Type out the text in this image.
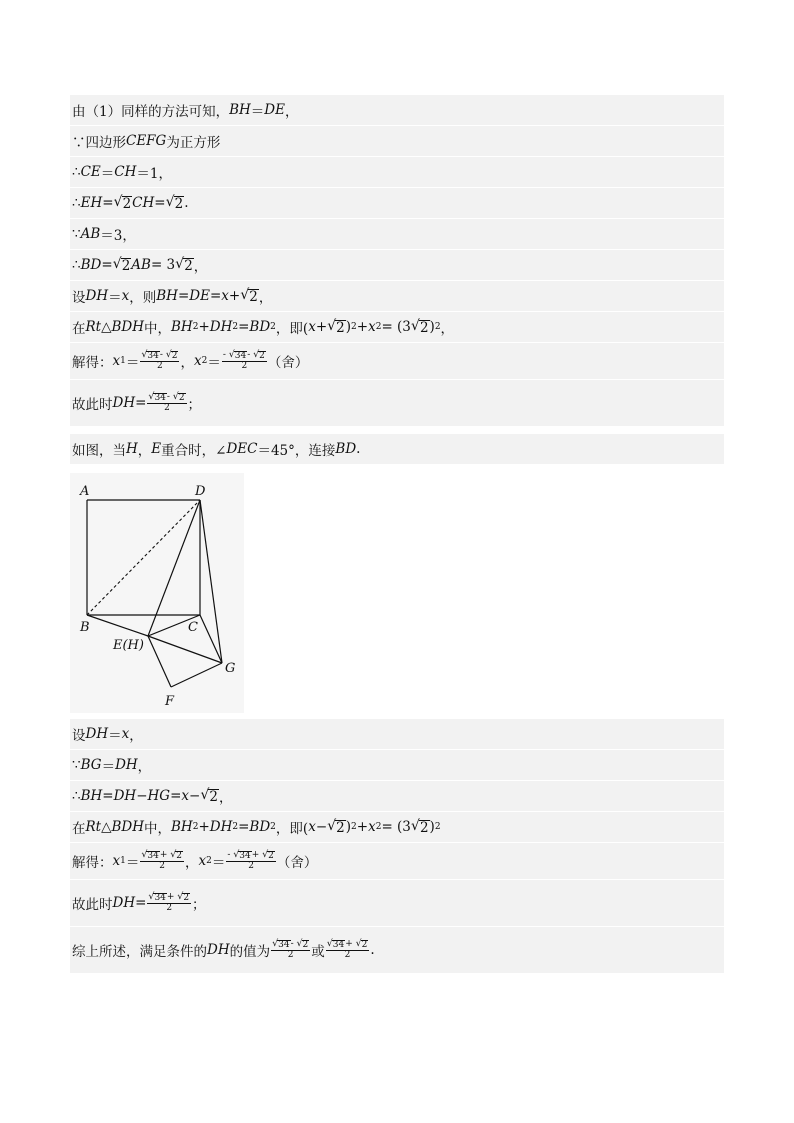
由（1）同样的方法可知， BH ＝ DE ，
∵四边形 CEFG 为正方形
∴ CE ＝ CH ＝1，
∴ EH = √ 2 CH = √ 2 .
∵ AB ＝3，
∴ BD = √ 2 AB = 3 √ 2 ，
设 DH ＝ x ，则 BH = DE = x + √ 2 ，
在 Rt △ BDH 中， BH 2 + DH 2 = BD 2 ，即( x + √ 2 ) 2 + x 2 = (3 √ 2 ) 2 ，
解得： x $1 = \frac{√ 34 - √ 2}{2}$ ， x $2 = \frac{- √ 34 - √ 2}{2}$ （舍）
故此时 DH = $\frac{√ 34 - √ 2}{2}$ ；
如图，当 H ， E 重合时，∠ DEC ＝45°，连接 BD .
A	D
B	C
E(H)
G
F
设 DH ＝ x ，
∵ BG ＝ DH ，
∴ BH = DH − HG = x − √ 2 ，
在 Rt △ BDH 中， BH 2 + DH 2 = BD 2 ，即( x − √ 2 ) 2 + x 2 = (3 √ 2 ) 2
解得： x $1 = \frac{√ 34 + √ 2}{2}$ ， x $2 = \frac{- √ 34 + √ 2}{2}$ （舍）
故此时 DH = $\frac{√ 34 + √ 2}{2}$ ；
综上所述，满足条件的 DH 的值为 $\frac{√ 34 - √ 2}{2}$ 或 $\frac{√ 34 + √ 2}{2}$ .
